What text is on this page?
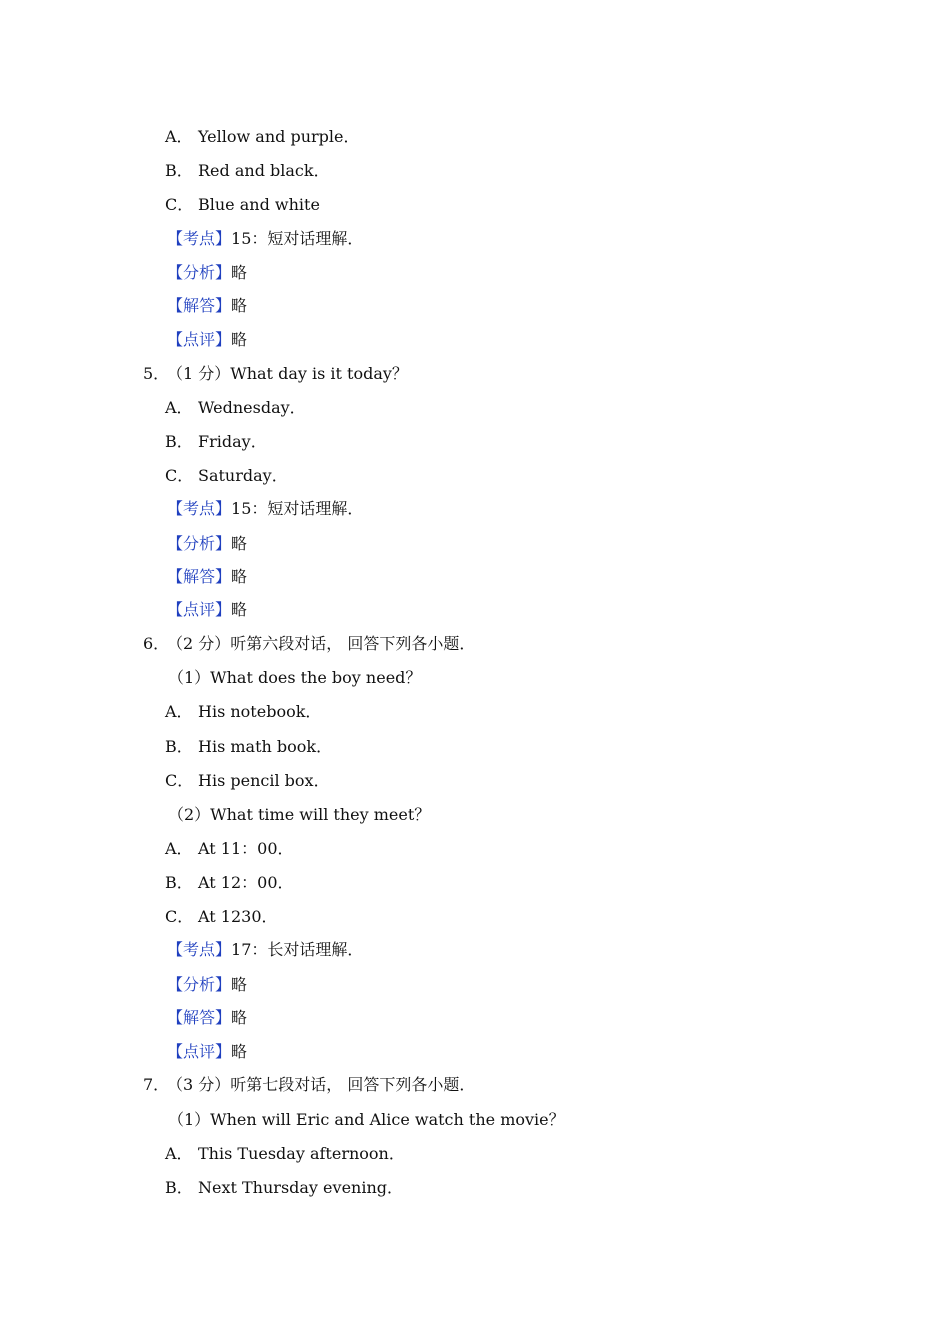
A． Yellow and purple．
B． Red and black．
C． Blue and white
【考点】15：短对话理解．
【分析】略
【解答】略
【点评】略
5．（1 分）What day is it today？
A． Wednesday．
B． Friday．
C． Saturday．
【考点】15：短对话理解．
【分析】略
【解答】略
【点评】略
6．（2 分）听第六段对话， 回答下列各小题．
（1）What does the boy need？
A． His notebook．
B． His math book．
C． His pencil box．
（2）What time will they meet？
A． At 11：00．
B． At 12：00．
C． At 1230．
【考点】17：长对话理解．
【分析】略
【解答】略
【点评】略
7．（3 分）听第七段对话， 回答下列各小题．
（1）When will Eric and Alice watch the movie？
A． This Tuesday afternoon．
B． Next Thursday evening．
